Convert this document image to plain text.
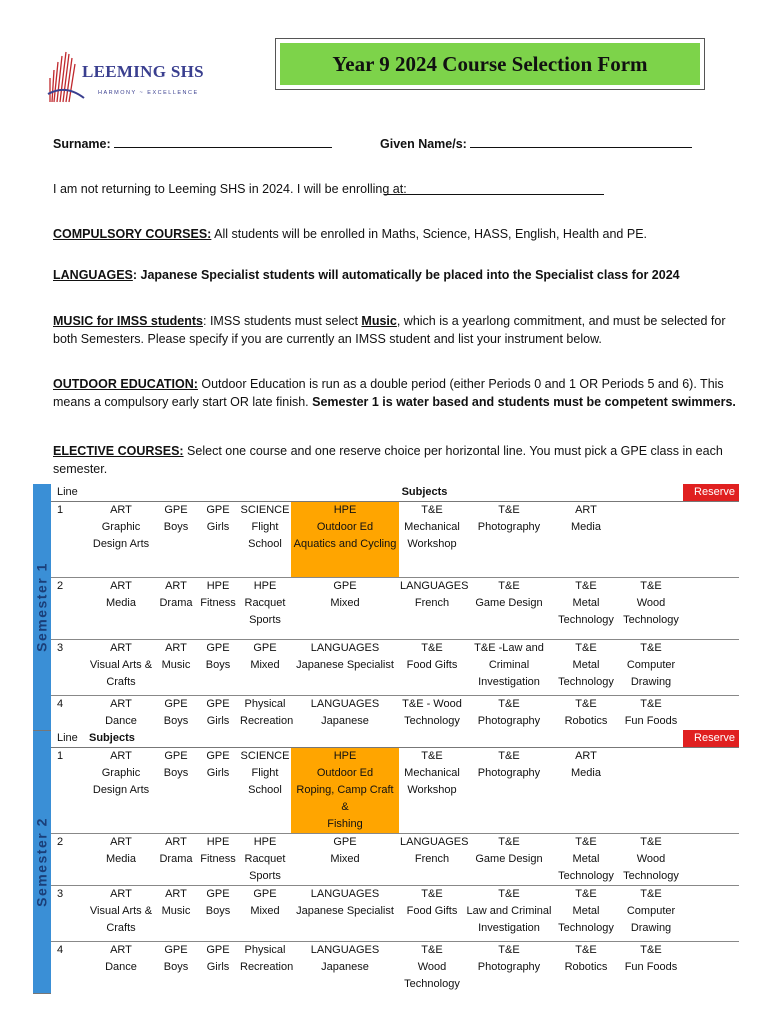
LEEMING SHS
HARMONY ~ EXCELLENCE
Year 9 2024 Course Selection Form
Surname:	Given Name/s:
I am not returning to Leeming SHS in 2024. I will be enrolling at:
COMPULSORY COURSES: All students will be enrolled in Maths, Science, HASS, English, Health and PE.
LANGUAGES: Japanese Specialist students will automatically be placed into the Specialist class for 2024
MUSIC for IMSS students: IMSS students must select Music, which is a yearlong commitment, and must be selected for both Semesters. Please specify if you are currently an IMSS student and list your instrument below.
OUTDOOR EDUCATION: Outdoor Education is run as a double period (either Periods 0 and 1 OR Periods 5 and 6). This means a compulsory early start OR late finish. Semester 1 is water based and students must be competent swimmers.
ELECTIVE COURSES: Select one course and one reserve choice per horizontal line. You must pick a GPE class in each semester.
Semester 1	Line	Subjects									Reserve
	1	ART
Graphic
Design Arts	GPE
Boys	GPE
Girls	SCIENCE
Flight School	HPE
Outdoor Ed
Aquatics and Cycling	T&E
Mechanical
Workshop	T&E
Photography	ART
Media		
	2	ART
Media	ART
Drama	HPE
Fitness	HPE
Racquet
Sports	GPE
Mixed	LANGUAGES
French	T&E
Game Design	T&E
Metal
Technology	T&E
Wood
Technology	
	3	ART
Visual Arts &
Crafts	ART
Music	GPE
Boys	GPE
Mixed	LANGUAGES
Japanese Specialist	T&E
Food Gifts	T&E -Law and
Criminal
Investigation	T&E
Metal
Technology	T&E
Computer
Drawing	
	4	ART
Dance	GPE
Boys	GPE
Girls	Physical
Recreation	LANGUAGES
Japanese	T&E - Wood
Technology	T&E
Photography	T&E
Robotics	T&E
Fun Foods	

Semester 2	Line	Subjects									Reserve
	1	ART
Graphic
Design Arts	GPE
Boys	GPE
Girls	SCIENCE
Flight School	HPE
Outdoor Ed
Roping, Camp Craft &
Fishing	T&E
Mechanical
Workshop	T&E
Photography	ART
Media		
	2	ART
Media	ART
Drama	HPE
Fitness	HPE
Racquet
Sports	GPE
Mixed	LANGUAGES
French	T&E
Game Design	T&E
Metal
Technology	T&E
Wood
Technology	
	3	ART
Visual Arts &
Crafts	ART
Music	GPE
Boys	GPE
Mixed	LANGUAGES
Japanese Specialist	T&E
Food Gifts	T&E
Law and Criminal
Investigation	T&E
Metal
Technology	T&E
Computer
Drawing	
	4	ART
Dance	GPE
Boys	GPE
Girls	Physical
Recreation	LANGUAGES
Japanese	T&E
Wood
Technology	T&E
Photography	T&E
Robotics	T&E
Fun Foods	
